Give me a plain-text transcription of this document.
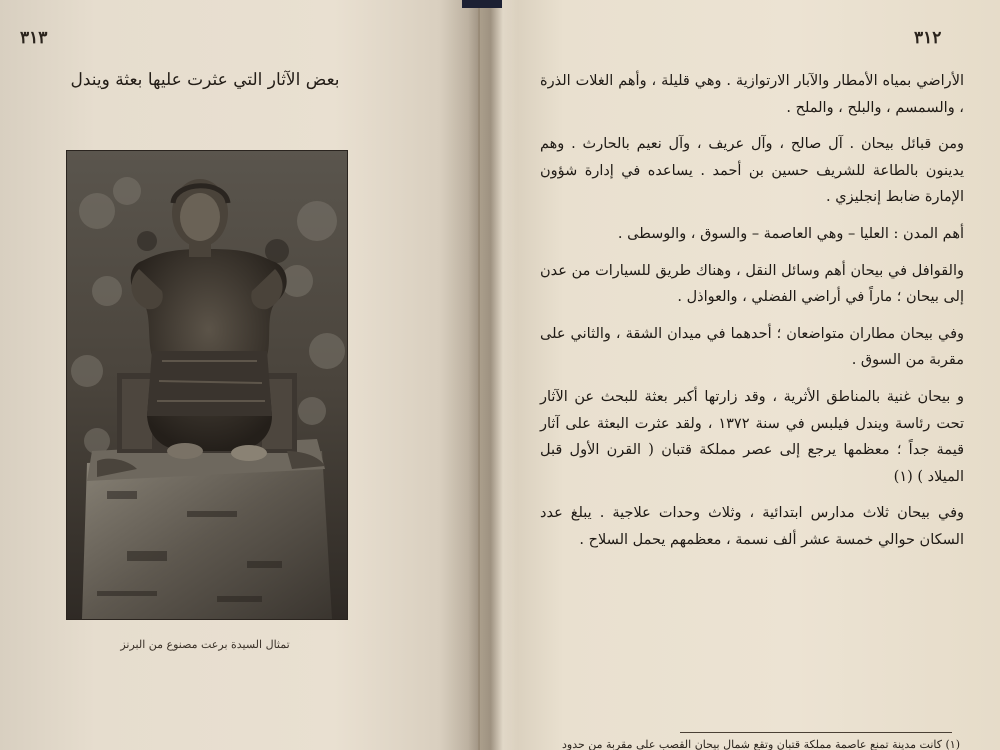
٣١٣
بعض الآثار التي عثرت عليها بعثة ويندل
تمثال السيدة برعت مصنوع من البرنز
٣١٢

الأراضي بمياه الأمطار والآبار الارتوازية . وهي قليلة ، وأهم الغلات الذرة ، والسمسم ، والبلح ، والملح .

ومن قبائل بيحان . آل صالح ، وآل عريف ، وآل نعيم بالحارث . وهم يدينون بالطاعة للشريف حسين بن أحمد . يساعده في إدارة شؤون الإمارة ضابط إنجليزي .

أهم المدن : العليا – وهي العاصمة – والسوق ، والوسطى .

والقوافل في بيحان أهم وسائل النقل ، وهناك طريق للسيارات من عدن إلى بيحان ؛ ماراً في أراضي الفضلي ، والعواذل .

وفي بيحان مطاران متواضعان ؛ أحدهما في ميدان الشقة ، والثاني على مقربة من السوق .

و بيحان غنية بالمناطق الأثرية ، وقد زارتها أكبر بعثة للبحث عن الآثار تحت رئاسة ويندل فيلبس في سنة ١٣٧٢ ، ولقد عثرت البعثة على آثار قيمة جداً ؛ معظمها يرجع إلى عصر مملكة قتبان ( القرن الأول قبل الميلاد ) (١)

وفي بيحان ثلاث مدارس ابتدائية ، وثلاث وحدات علاجية . يبلغ عدد السكان حوالي خمسة عشر ألف نسمة ، معظمهم يحمل السلاح .

(١) كانت مدينة تمنع عاصمة مملكة قتبان وتقع شمال بيحان القصب على مقربة من حدود
